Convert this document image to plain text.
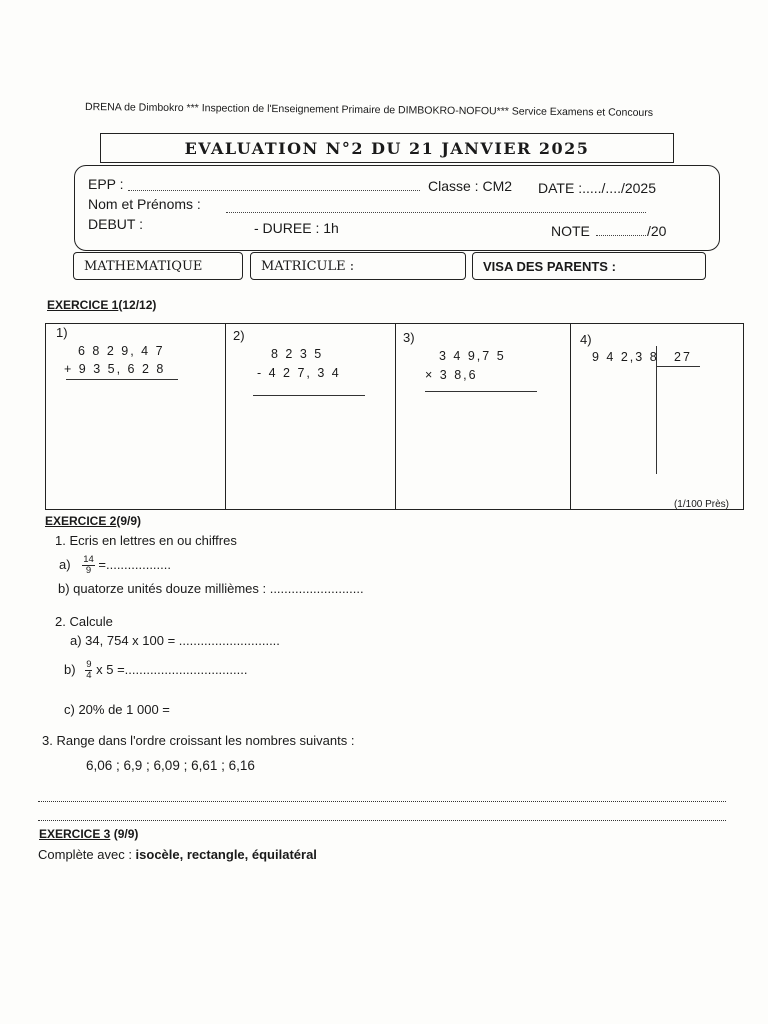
DRENA de Dimbokro *** Inspection de l'Enseignement Primaire de DIMBOKRO-NOFOU*** Service Examens et Concours
EVALUATION N°2 DU 21 JANVIER 2025
EPP :	Classe : CM2 DATE :...../..../2025
Nom et Prénoms :
DEBUT :	- DUREE : 1h	NOTE	/20
MATHEMATIQUE	MATRICULE :	VISA DES PARENTS :
EXERCICE 1(12/12)
1)
6 8 2 9, 4 7
+ 9 3 5, 6 2 8
2)
8 2 3 5
- 4 2 7, 3 4
3)
3 4 9,7 5
× 3 8,6
4)
9 4 2,3 8 27
(1/100 Près)
EXERCICE 2(9/9)
1. Ecris en lettres en ou chiffres
$a) \frac{14}{9}$ =..................
b) quatorze unités douze millièmes : ..........................
2. Calcule
a) 34, 754 x 100 = ............................
$b) \frac{9}{4}$ x 5 =..................................
c) 20% de 1 000 =
3. Range dans l'ordre croissant les nombres suivants :
6,06 ; 6,9 ; 6,09 ; 6,61 ; 6,16
EXERCICE 3 (9/9)
Complète avec : isocèle, rectangle, équilatéral
